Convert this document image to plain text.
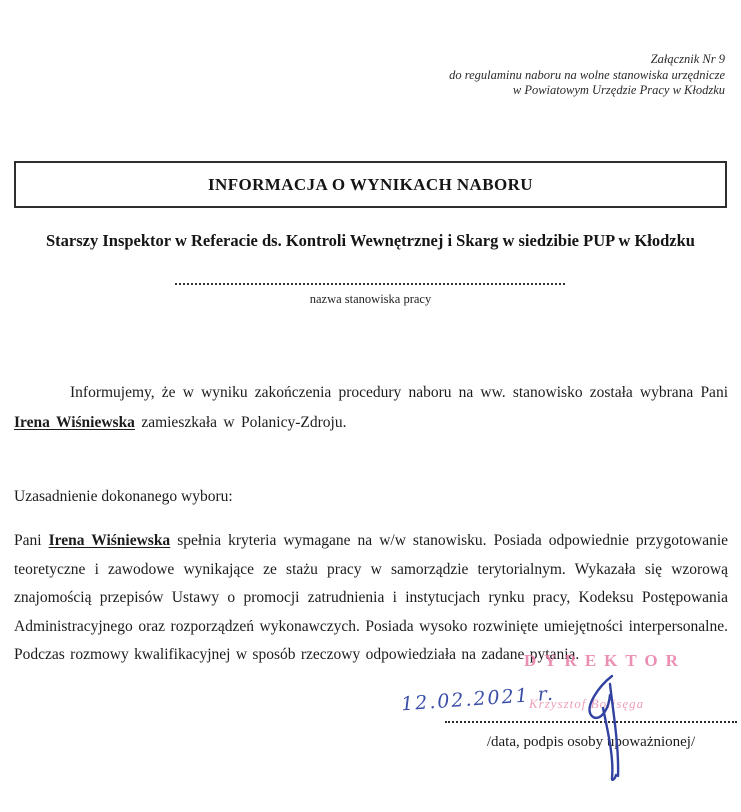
Załącznik Nr 9
do regulaminu naboru na wolne stanowiska urzędnicze
w Powiatowym Urzędzie Pracy w Kłodzku
INFORMACJA O WYNIKACH NABORU
Starszy Inspektor w Referacie ds. Kontroli Wewnętrznej i Skarg w siedzibie PUP w Kłodzku
nazwa stanowiska pracy
Informujemy, że w wyniku zakończenia procedury naboru na ww. stanowisko została wybrana Pani Irena Wiśniewska zamieszkała w Polanicy-Zdroju.
Uzasadnienie dokonanego wyboru:
Pani Irena Wiśniewska spełnia kryteria wymagane na w/w stanowisku. Posiada odpowiednie przygotowanie teoretyczne i zawodowe wynikające ze stażu pracy w samorządzie terytorialnym. Wykazała się wzorową znajomością przepisów Ustawy o promocji zatrudnienia i instytucjach rynku pracy, Kodeksu Postępowania Administracyjnego oraz rozporządzeń wykonawczych. Posiada wysoko rozwinięte umiejętności interpersonalne. Podczas rozmowy kwalifikacyjnej w sposób rzeczowy odpowiedziała na zadane pytania.
DYREKTOR
12.02.2021 r.
Krzysztof Bolisęga
/data, podpis osoby upoważnionej/
